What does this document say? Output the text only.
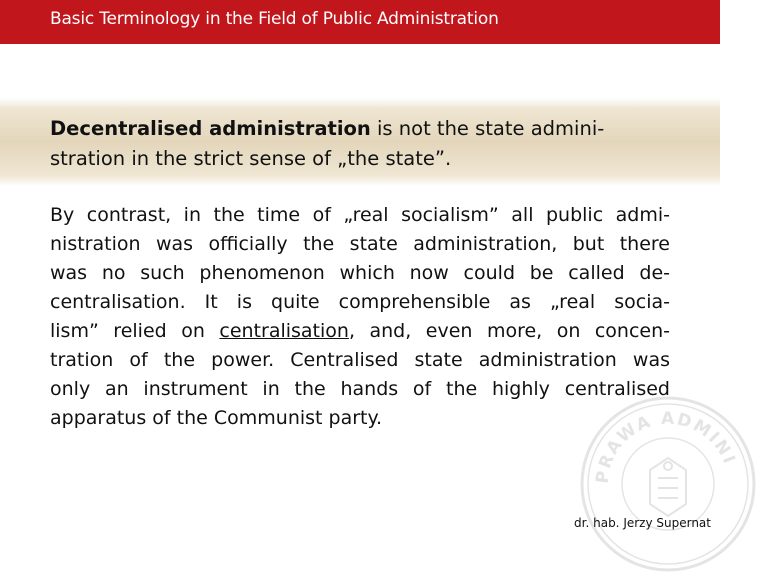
Basic Terminology in the Field of Public Administration
Decentralised administration is not the state admini-
stration in the strict sense of „the state”.
By contrast, in the time of „real socialism” all public admi-
nistration was officially the state administration, but there
was no such phenomenon which now could be called de-
centralisation. It is quite comprehensible as „real socia-
lism” relied on centralisation, and, even more, on concen-
tration of the power. Centralised state administration was
only an instrument in the hands of the highly centralised
apparatus of the Communist party.
PRAWA ADMINI
dr. hab. Jerzy Supernat
